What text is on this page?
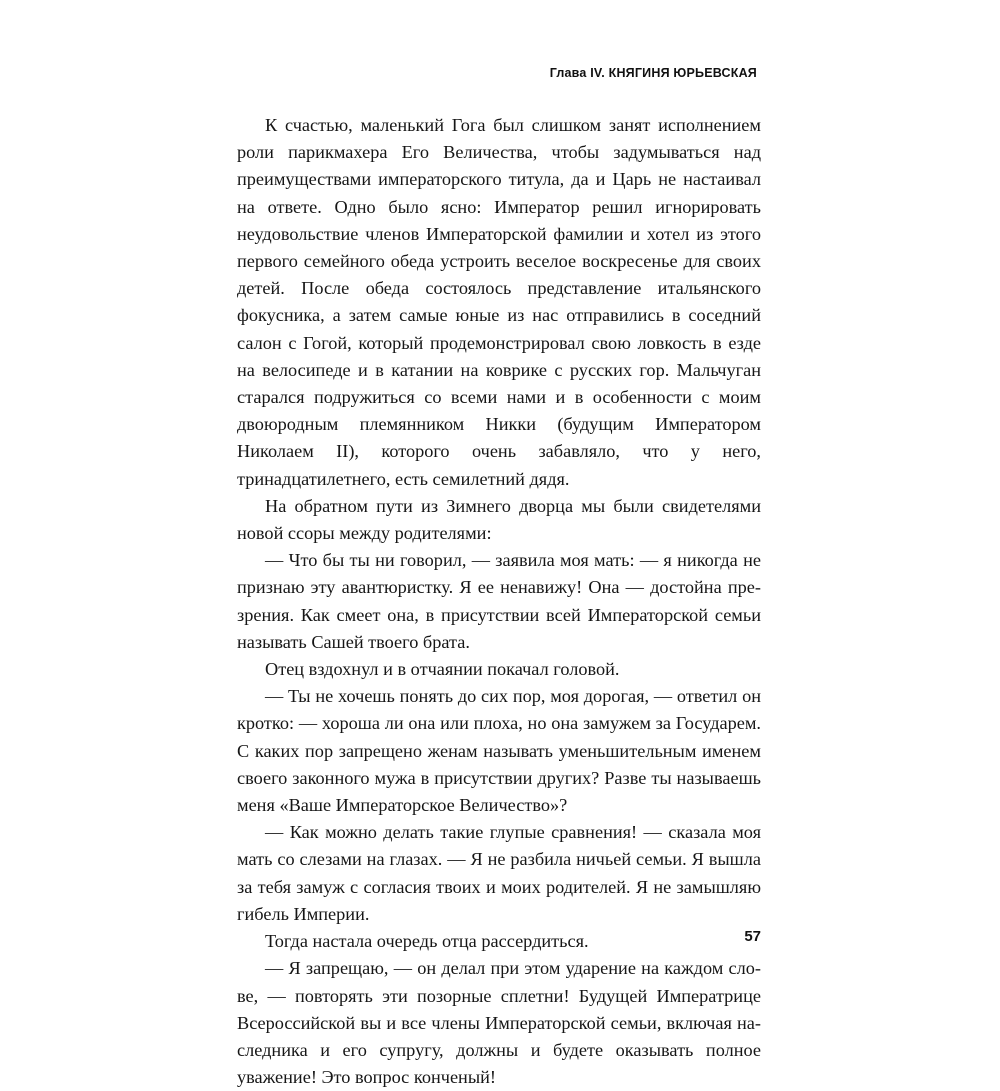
Глава IV. КНЯГИНЯ ЮРЬЕВСКАЯ

К счастью, маленький Гога был слишком занят исполнением роли парикмахера Его Величества, чтобы задумываться над преимуществами императорского титула, да и Царь не настаивал на ответе. Одно было ясно: Император решил игнорировать неудовольствие членов Императорской фамилии и хотел из этого первого семейного обеда устроить веселое воскресенье для своих детей. После обеда состоялось представление итальянского фокусника, а затем самые юные из нас отправились в соседний салон с Гогой, который продемонстрировал свою ловкость в езде на велосипеде и в катании на коврике с русских гор. Мальчуган старался подружиться со всеми нами и в особенности с моим двоюродным племянником Никки (будущим Императором Николаем II), которого очень забавляло, что у него, тринадцатилетнего, есть семилетний дядя.

На обратном пути из Зимнего дворца мы были свидетелями новой ссоры между родителями:

— Что бы ты ни говорил, — заявила моя мать: — я никогда не признаю эту авантюристку. Я ее ненавижу! Она — достойна презрения. Как смеет она, в присутствии всей Императорской семьи называть Сашей твоего брата.

Отец вздохнул и в отчаянии покачал головой.

— Ты не хочешь понять до сих пор, моя дорогая, — ответил он кротко: — хороша ли она или плоха, но она замужем за Государем. С каких пор запрещено женам называть уменьшительным именем своего законного мужа в присутствии других? Разве ты называешь меня «Ваше Императорское Величество»?

— Как можно делать такие глупые сравнения! — сказала моя мать со слезами на глазах. — Я не разбила ничьей семьи. Я вышла за тебя замуж с согласия твоих и моих родителей. Я не замышляю гибель Империи.

Тогда настала очередь отца рассердиться.

— Я запрещаю, — он делал при этом ударение на каждом слове, — повторять эти позорные сплетни! Будущей Императрице Всероссийской вы и все члены Императорской семьи, включая наследника и его супругу, должны и будете оказывать полное уважение! Это вопрос конченый!

57
